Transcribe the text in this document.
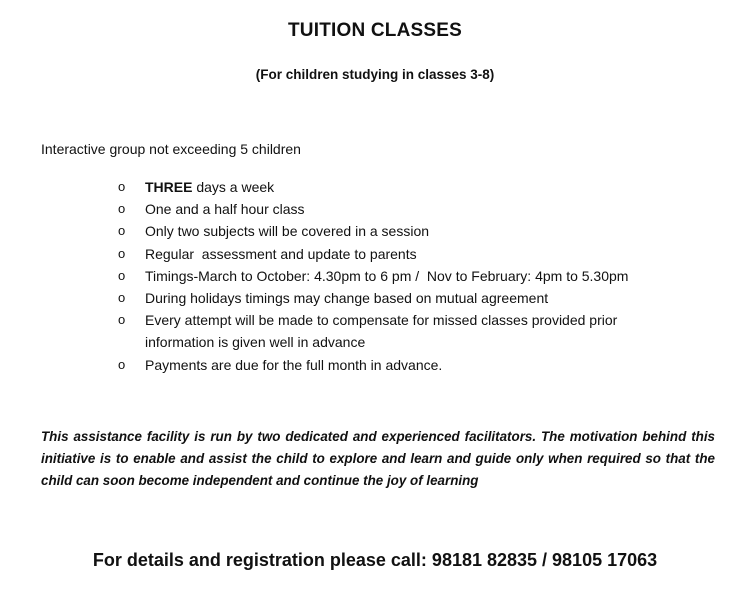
TUITION CLASSES
(For children studying in classes 3-8)
Interactive group not exceeding 5 children
o THREE days a week
o One and a half hour class
o Only two subjects will be covered in a session
o Regular  assessment and update to parents
o Timings-March to October: 4.30pm to 6 pm /  Nov to February: 4pm to 5.30pm
o During holidays timings may change based on mutual agreement
o Every attempt will be made to compensate for missed classes provided prior information is given well in advance
o Payments are due for the full month in advance.
This assistance facility is run by two dedicated and experienced facilitators. The motivation behind this initiative is to enable and assist the child to explore and learn and guide only when required so that the child can soon become independent and continue the joy of learning
For details and registration please call: 98181 82835 / 98105 17063
